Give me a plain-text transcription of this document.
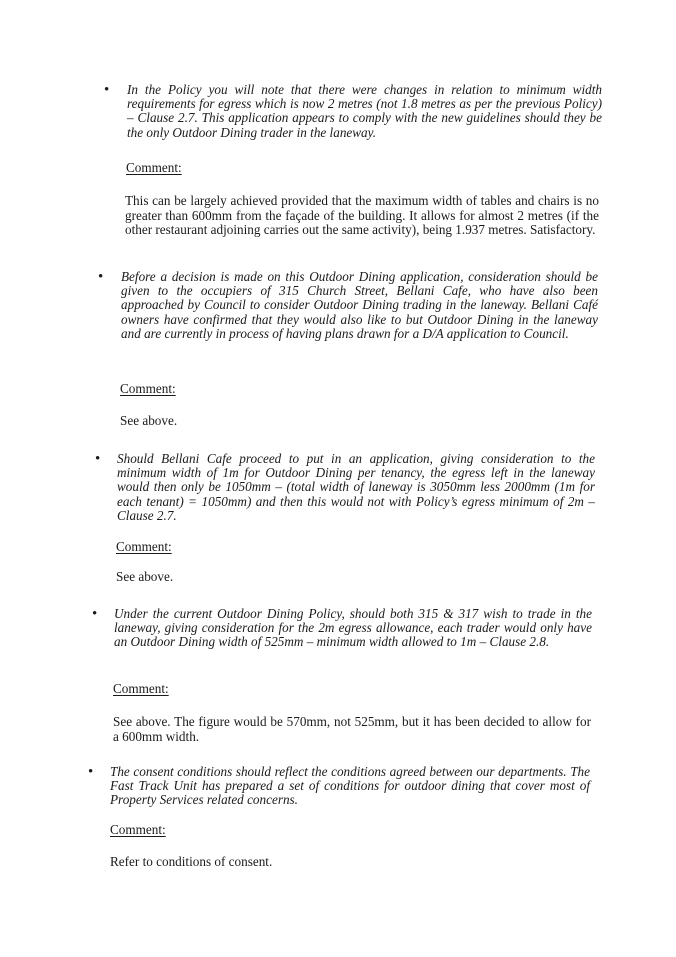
• In the Policy you will note that there were changes in relation to minimum width requirements for egress which is now 2 metres (not 1.8 metres as per the previous Policy) – Clause 2.7. This application appears to comply with the new guidelines should they be the only Outdoor Dining trader in the laneway.

Comment:

This can be largely achieved provided that the maximum width of tables and chairs is no greater than 600mm from the façade of the building. It allows for almost 2 metres (if the other restaurant adjoining carries out the same activity), being 1.937 metres. Satisfactory.

• Before a decision is made on this Outdoor Dining application, consideration should be given to the occupiers of 315 Church Street, Bellani Cafe, who have also been approached by Council to consider Outdoor Dining trading in the laneway. Bellani Café owners have confirmed that they would also like to but Outdoor Dining in the laneway and are currently in process of having plans drawn for a D/A application to Council.

Comment:

See above.

• Should Bellani Cafe proceed to put in an application, giving consideration to the minimum width of 1m for Outdoor Dining per tenancy, the egress left in the laneway would then only be 1050mm – (total width of laneway is 3050mm less 2000mm (1m for each tenant) = 1050mm) and then this would not with Policy’s egress minimum of 2m – Clause 2.7.

Comment:

See above.

• Under the current Outdoor Dining Policy, should both 315 & 317 wish to trade in the laneway, giving consideration for the 2m egress allowance, each trader would only have an Outdoor Dining width of 525mm – minimum width allowed to 1m – Clause 2.8.

Comment:

See above. The figure would be 570mm, not 525mm, but it has been decided to allow for a 600mm width.

• The consent conditions should reflect the conditions agreed between our departments. The Fast Track Unit has prepared a set of conditions for outdoor dining that cover most of Property Services related concerns.

Comment:

Refer to conditions of consent.
